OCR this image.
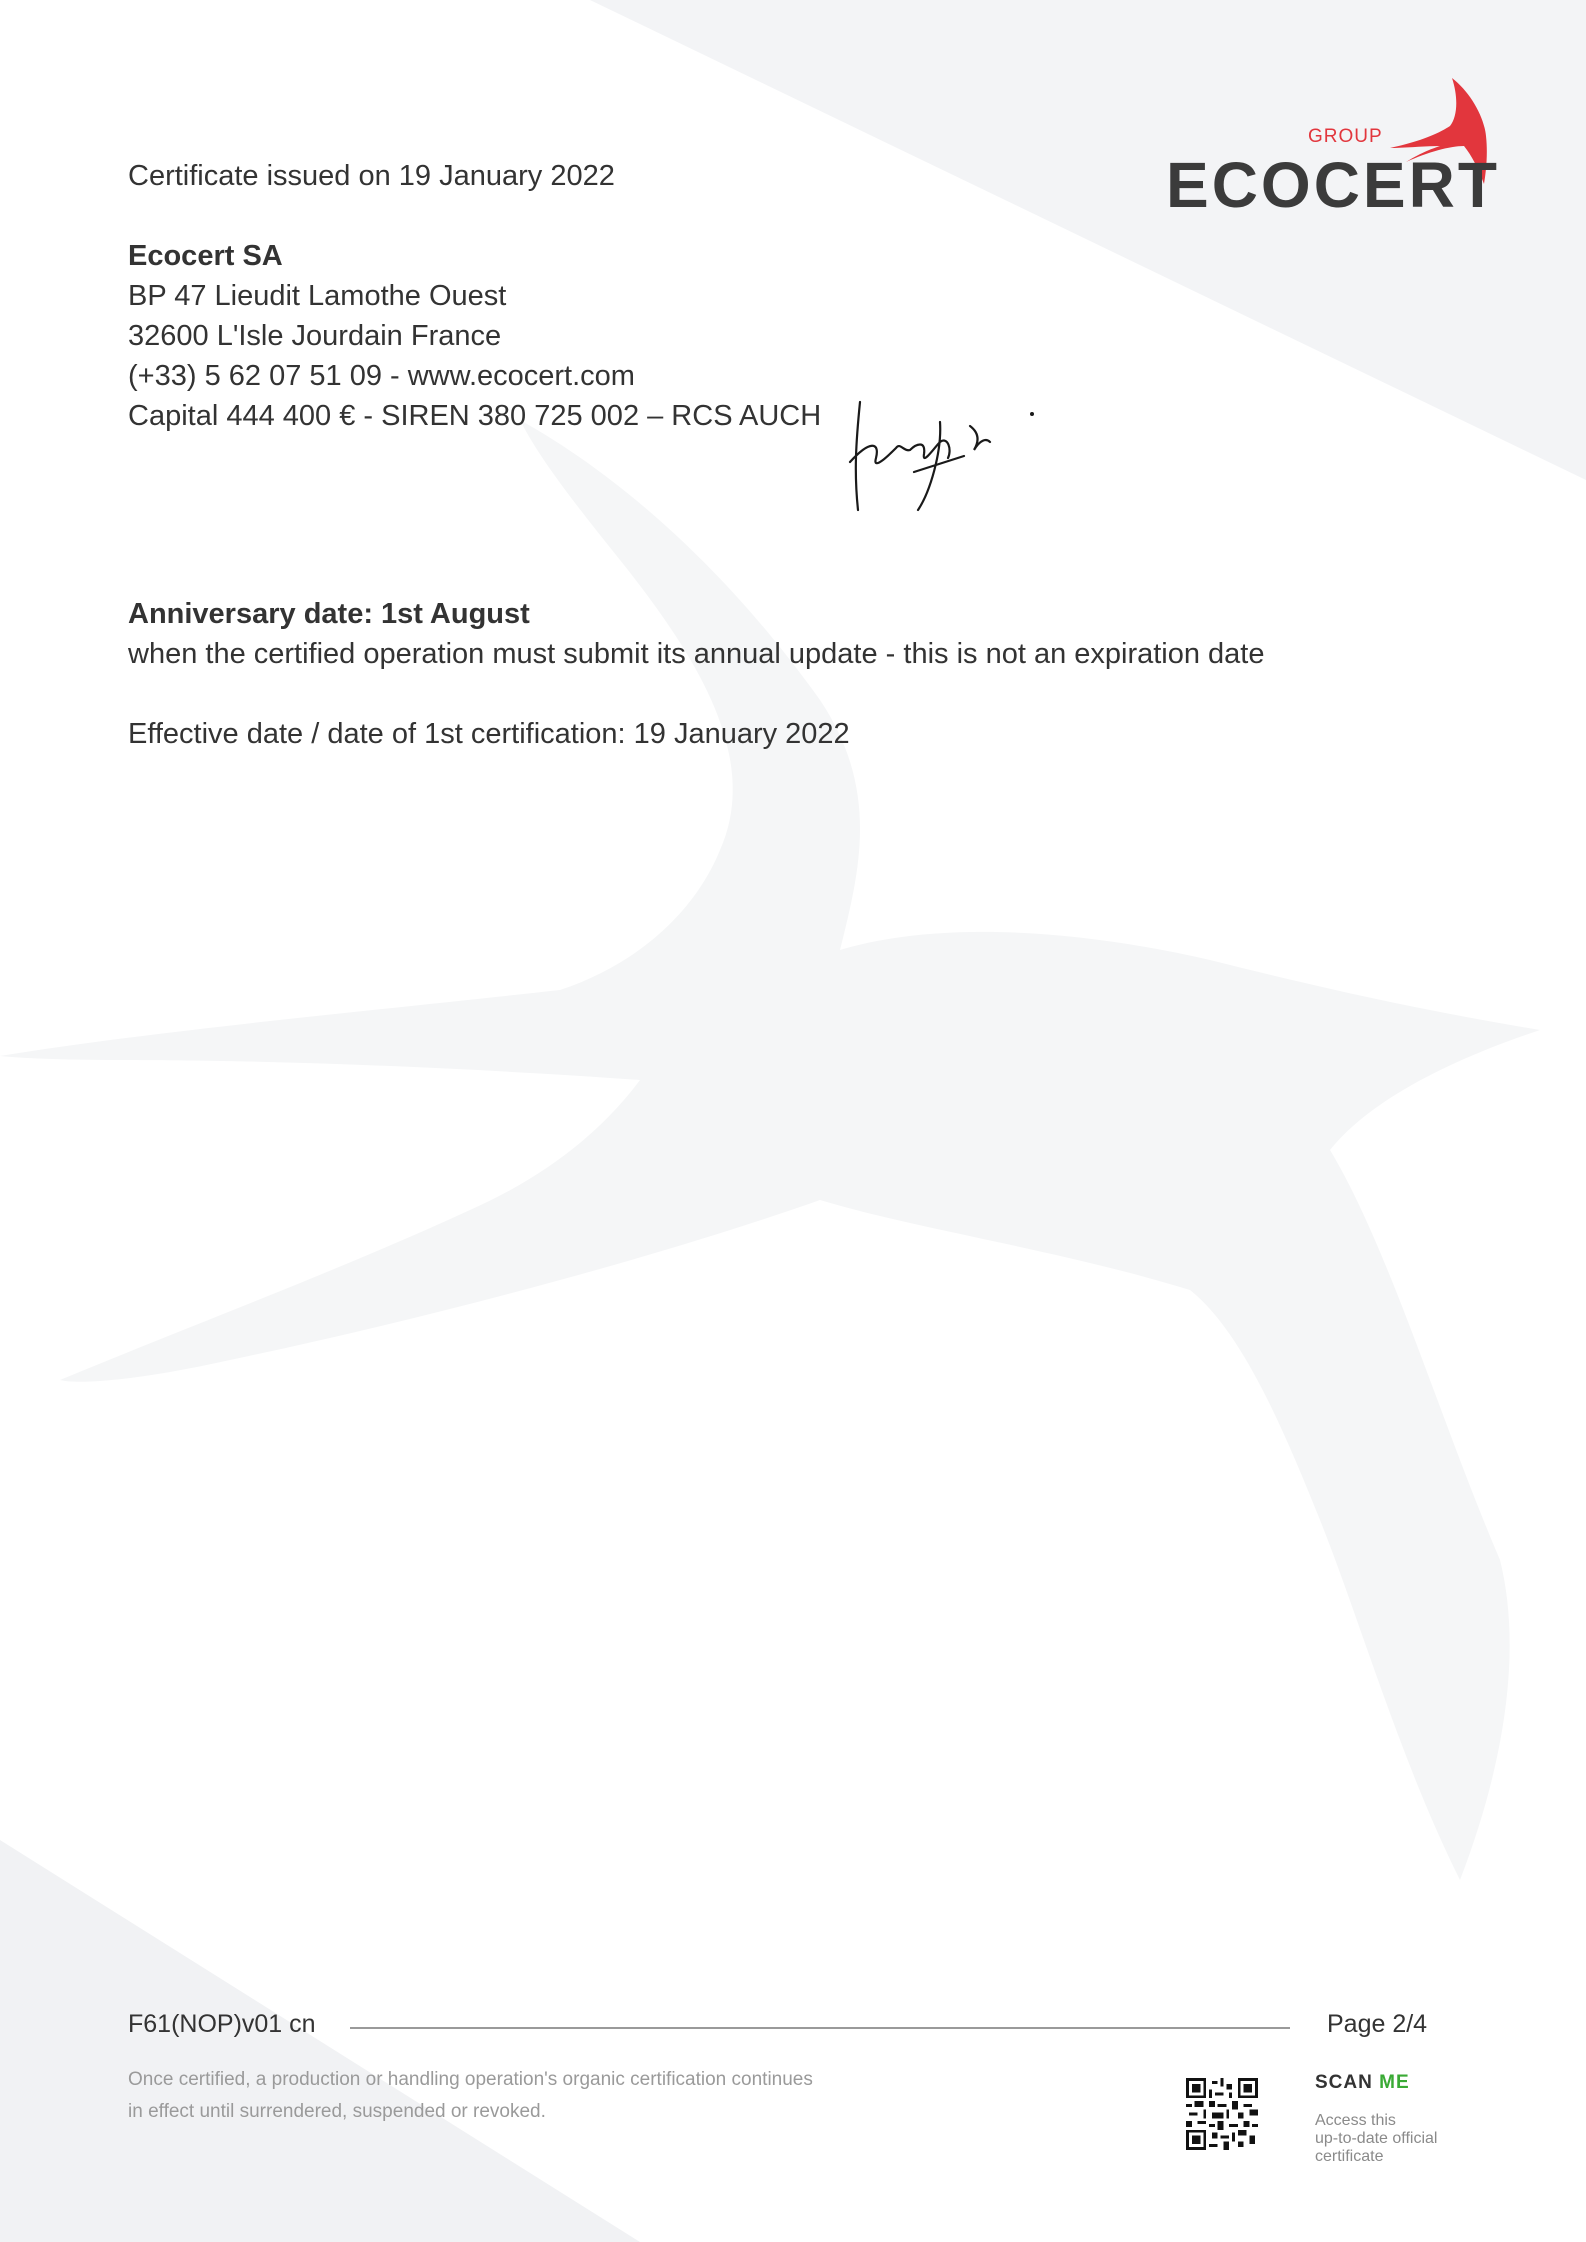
Certificate issued on 19 January 2022
GROUP
ECOCERT
Ecocert SA
BP 47 Lieudit Lamothe Ouest
32600 L'Isle Jourdain France
(+33) 5 62 07 51 09 - www.ecocert.com
Capital 444 400 € - SIREN 380 725 002 – RCS AUCH
Anniversary date: 1st August
when the certified operation must submit its annual update - this is not an expiration date
Effective date / date of 1st certification: 19 January 2022
F61(NOP)v01 cn	Page 2/4
Once certified, a production or handling operation's organic certification continues
in effect until surrendered, suspended or revoked.
SCAN ME
Access this
up-to-date official
certificate
